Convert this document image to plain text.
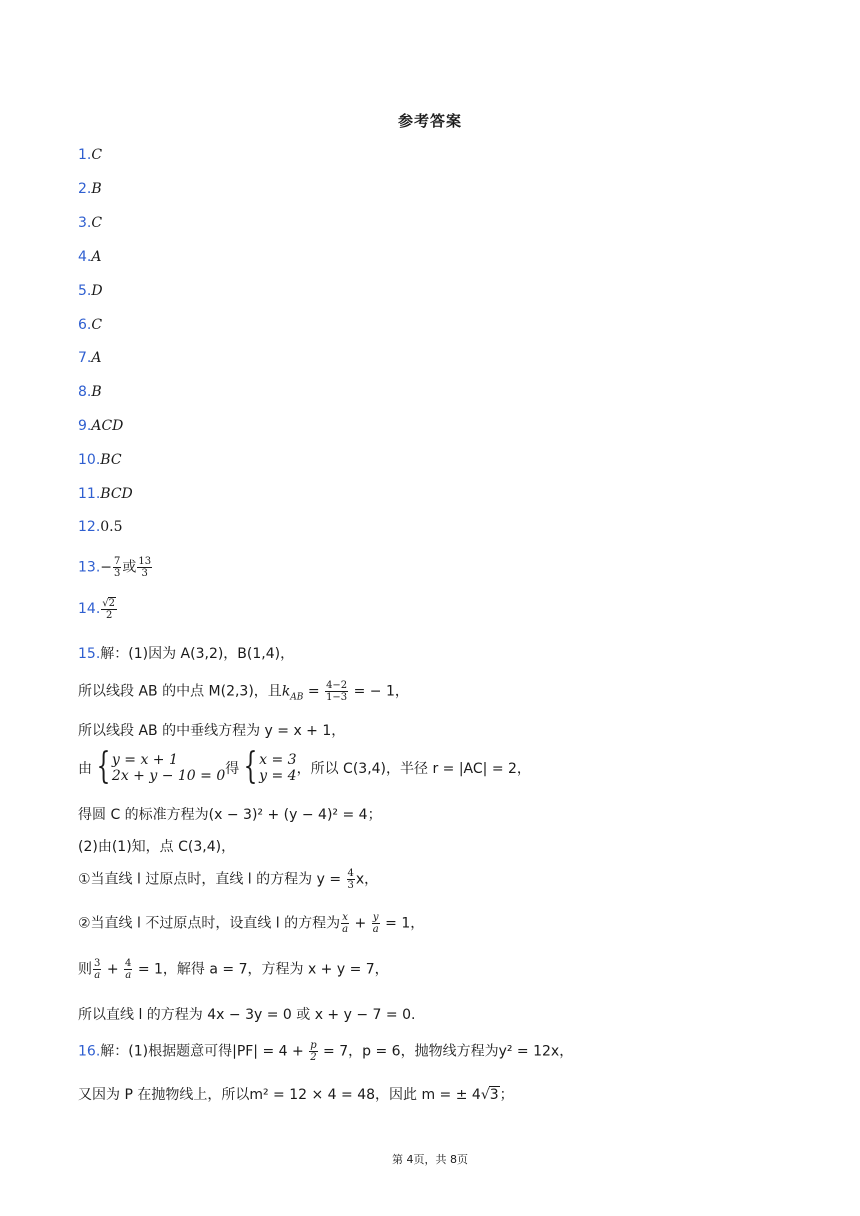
参考答案
1.C
2.B
3.C
4.A
5.D
6.C
7.A
8.B
9.ACD
10.BC
11.BCD
12.0.5
$13.- \frac{7}{3}$ 或 $\frac{13}{3}$
14. $\frac{√2}{2}$
15.解：(1)因为 A(3,2)，B(1,4)，
所以线段 AB 的中点 M(2,3)，且$k_{AB} = \frac{4-2}{1-3}$ = − 1，
所以线段 AB 的中垂线方程为 y = x + 1，
由 { y = x + 1
2x + y − 10 = 0 得 { x = 3
y = 4 ，所以 C(3,4)，半径 r = |AC| = 2，
得圆 C 的标准方程为(x − 3)² + (y − 4)² = 4；
(2)由(1)知，点 C(3,4)，
①当直线 l 过原点时，直线 l 的方程为 $y = \frac{4}{3}$ x，
②当直线 l 不过原点时，设直线 l 的方程为 $\frac{x}{a} + \frac{y}{a} = 1$，
则 $\frac{3}{a} + \frac{4}{a} = 1$，解得 a = 7，方程为 x + y = 7，
所以直线 l 的方程为 4x − 3y = 0 或 x + y − 7 = 0.
16.解：(1)根据题意可得$|PF| = 4 + \frac{p}{2} = 7$，p = 6，抛物线方程为y² = 12x，
又因为 P 在抛物线上，所以m² = 12 × 4 = 48，因此 m = ± 4√3；
第 4页，共 8页
